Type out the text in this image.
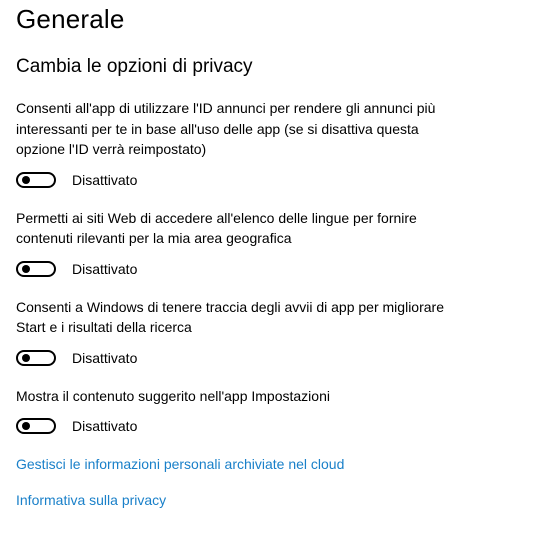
Generale
Cambia le opzioni di privacy
Consenti all'app di utilizzare l'ID annunci per rendere gli annunci più interessanti per te in base all'uso delle app (se si disattiva questa opzione l'ID verrà reimpostato)
Disattivato
Permetti ai siti Web di accedere all'elenco delle lingue per fornire contenuti rilevanti per la mia area geografica
Disattivato
Consenti a Windows di tenere traccia degli avvii di app per migliorare Start e i risultati della ricerca
Disattivato
Mostra il contenuto suggerito nell'app Impostazioni
Disattivato
Gestisci le informazioni personali archiviate nel cloud
Informativa sulla privacy
